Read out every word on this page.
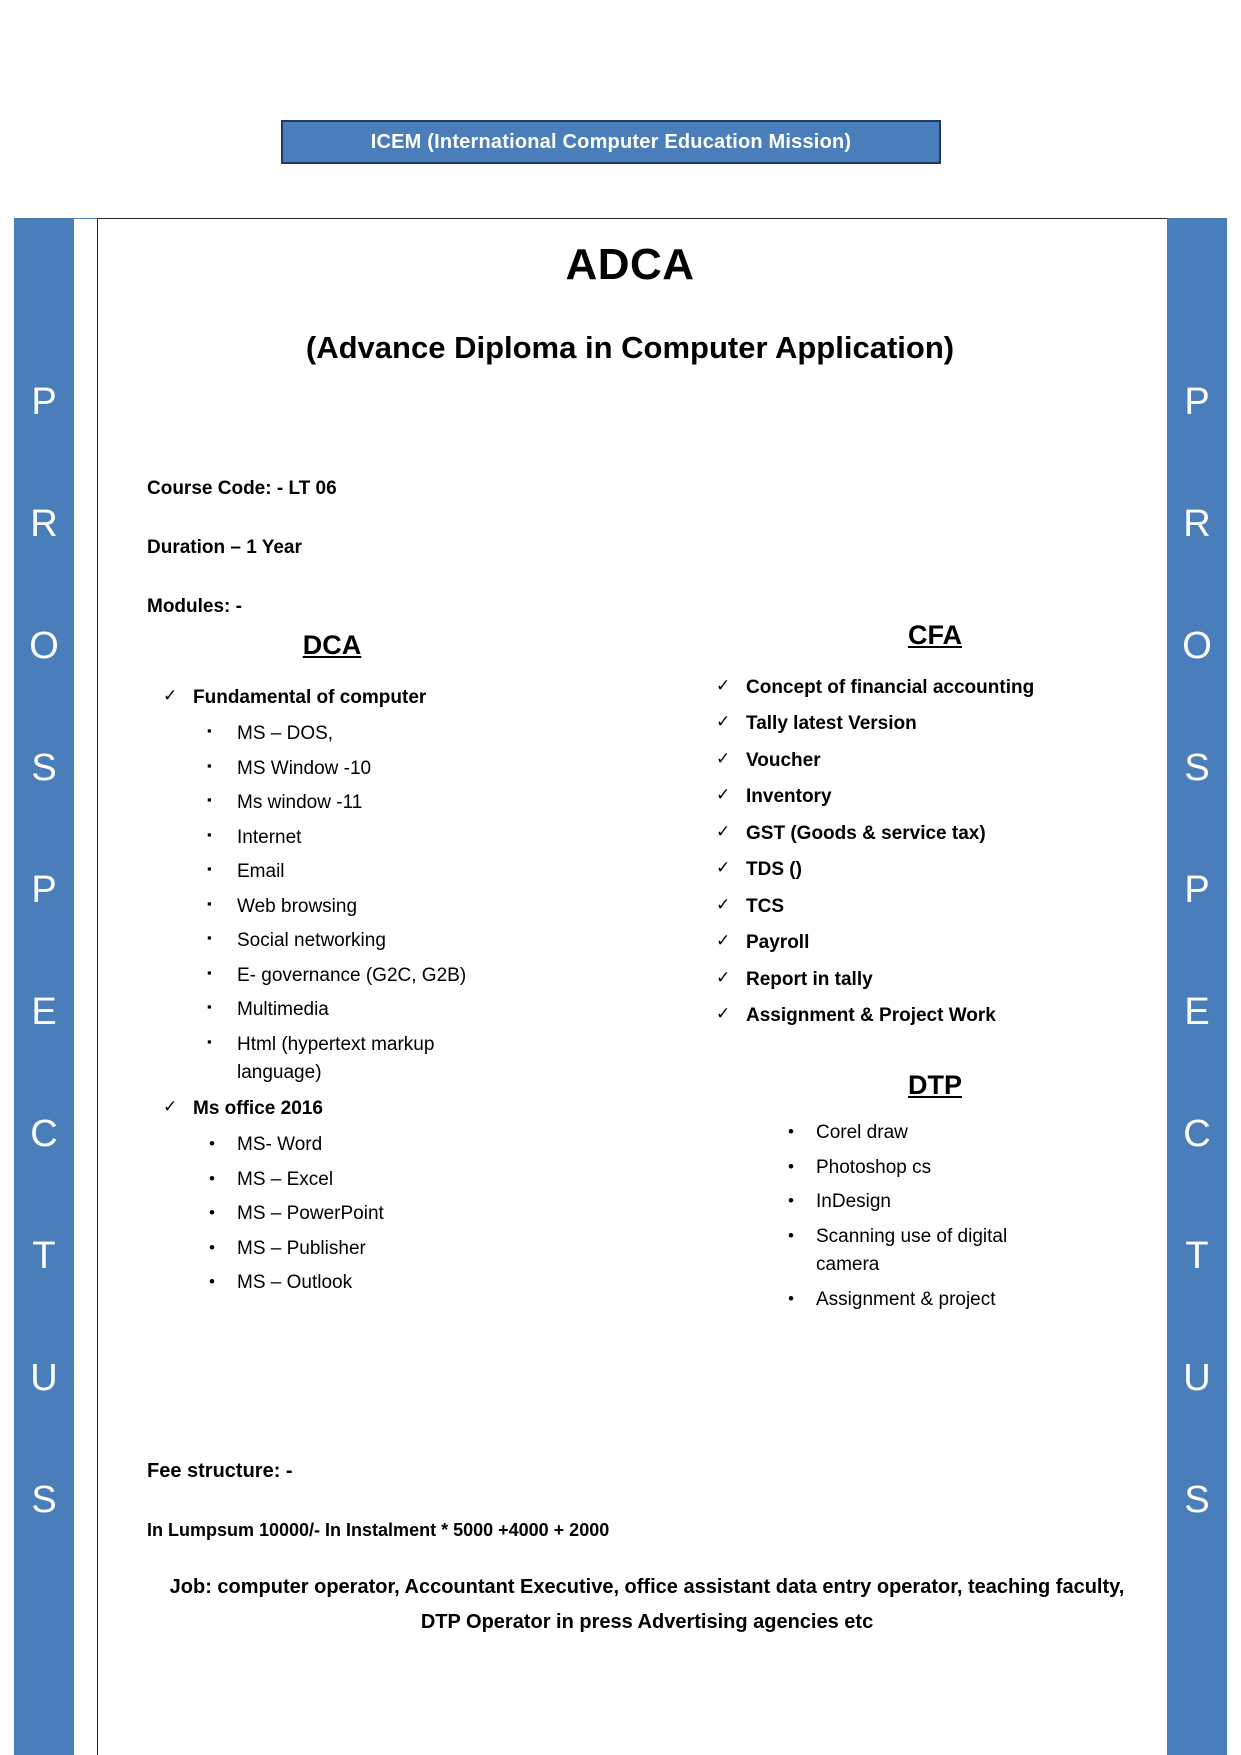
ICEM (International Computer Education Mission)
P
R
O
S
P
E
C
T
U
S
P
R
O
S
P
E
C
T
U
S
ADCA
(Advance Diploma in Computer Application)
Course Code: - LT 06
Duration – 1 Year
Modules: -
DCA
✓ Fundamental of computer
▪ MS – DOS,
▪ MS Window -10
▪ Ms window -11
▪ Internet
▪ Email
▪ Web browsing
▪ Social networking
▪ E- governance (G2C, G2B)
▪ Multimedia
▪ Html (hypertext markup language)
✓ Ms office 2016
• MS- Word
• MS – Excel
• MS – PowerPoint
• MS – Publisher
• MS – Outlook
CFA
✓ Concept of financial accounting
✓ Tally latest Version
✓ Voucher
✓ Inventory
✓ GST (Goods & service tax)
✓ TDS ()
✓ TCS
✓ Payroll
✓ Report in tally
✓ Assignment & Project Work
DTP
• Corel draw
• Photoshop cs
• InDesign
• Scanning use of digital camera
• Assignment & project
Fee structure: -
In Lumpsum 10000/- In Instalment * 5000 +4000 + 2000
Job: computer operator, Accountant Executive, office assistant data entry operator, teaching faculty, DTP Operator in press Advertising agencies etc
